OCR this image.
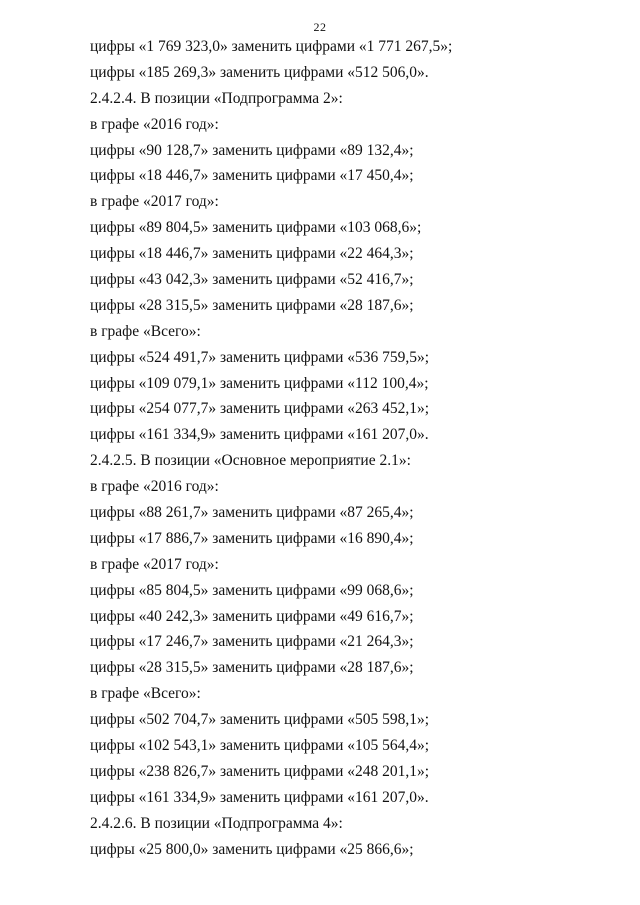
22
цифры «1 769 323,0» заменить цифрами «1 771 267,5»;
цифры «185 269,3» заменить цифрами «512 506,0».
2.4.2.4. В позиции «Подпрограмма 2»:
в графе «2016 год»:
цифры «90 128,7» заменить цифрами «89 132,4»;
цифры «18 446,7» заменить цифрами «17 450,4»;
в графе «2017 год»:
цифры «89 804,5» заменить цифрами «103 068,6»;
цифры «18 446,7» заменить цифрами «22 464,3»;
цифры «43 042,3» заменить цифрами «52 416,7»;
цифры «28 315,5» заменить цифрами «28 187,6»;
в графе «Всего»:
цифры «524 491,7» заменить цифрами «536 759,5»;
цифры «109 079,1» заменить цифрами «112 100,4»;
цифры «254 077,7» заменить цифрами «263 452,1»;
цифры «161 334,9» заменить цифрами «161 207,0».
2.4.2.5. В позиции «Основное мероприятие 2.1»:
в графе «2016 год»:
цифры «88 261,7» заменить цифрами «87 265,4»;
цифры «17 886,7» заменить цифрами «16 890,4»;
в графе «2017 год»:
цифры «85 804,5» заменить цифрами «99 068,6»;
цифры «40 242,3» заменить цифрами «49 616,7»;
цифры «17 246,7» заменить цифрами «21 264,3»;
цифры «28 315,5» заменить цифрами «28 187,6»;
в графе «Всего»:
цифры «502 704,7» заменить цифрами «505 598,1»;
цифры «102 543,1» заменить цифрами «105 564,4»;
цифры «238 826,7» заменить цифрами «248 201,1»;
цифры «161 334,9» заменить цифрами «161 207,0».
2.4.2.6. В позиции «Подпрограмма 4»:
цифры «25 800,0» заменить цифрами «25 866,6»;
